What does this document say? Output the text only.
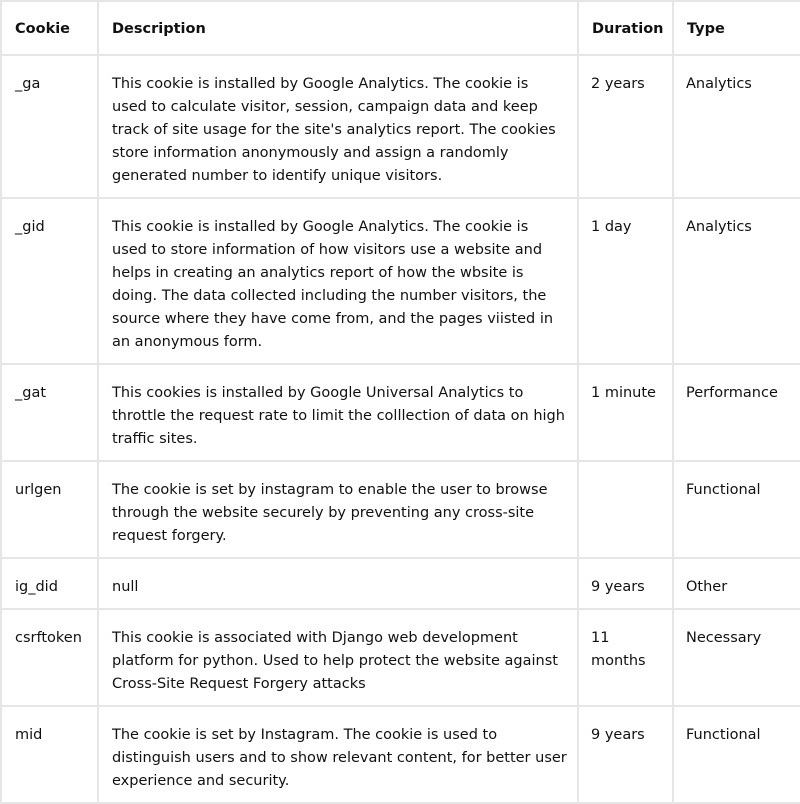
Cookie	Description	Duration	Type
_ga	This cookie is installed by Google Analytics. The cookie is used to calculate visitor, session, campaign data and keep track of site usage for the site's analytics report. The cookies store information anonymously and assign a randomly generated number to identify unique visitors.	2 years	Analytics
_gid	This cookie is installed by Google Analytics. The cookie is used to store information of how visitors use a website and helps in creating an analytics report of how the wbsite is doing. The data collected including the number visitors, the source where they have come from, and the pages viisted in an anonymous form.	1 day	Analytics
_gat	This cookies is installed by Google Universal Analytics to throttle the request rate to limit the colllection of data on high traffic sites.	1 minute	Performance
urlgen	The cookie is set by instagram to enable the user to browse through the website securely by preventing any cross-site request forgery.		Functional
ig_did	null	9 years	Other
csrftoken	This cookie is associated with Django web development platform for python. Used to help protect the website against Cross-Site Request Forgery attacks	11 months	Necessary
mid	The cookie is set by Instagram. The cookie is used to distinguish users and to show relevant content, for better user experience and security.	9 years	Functional
